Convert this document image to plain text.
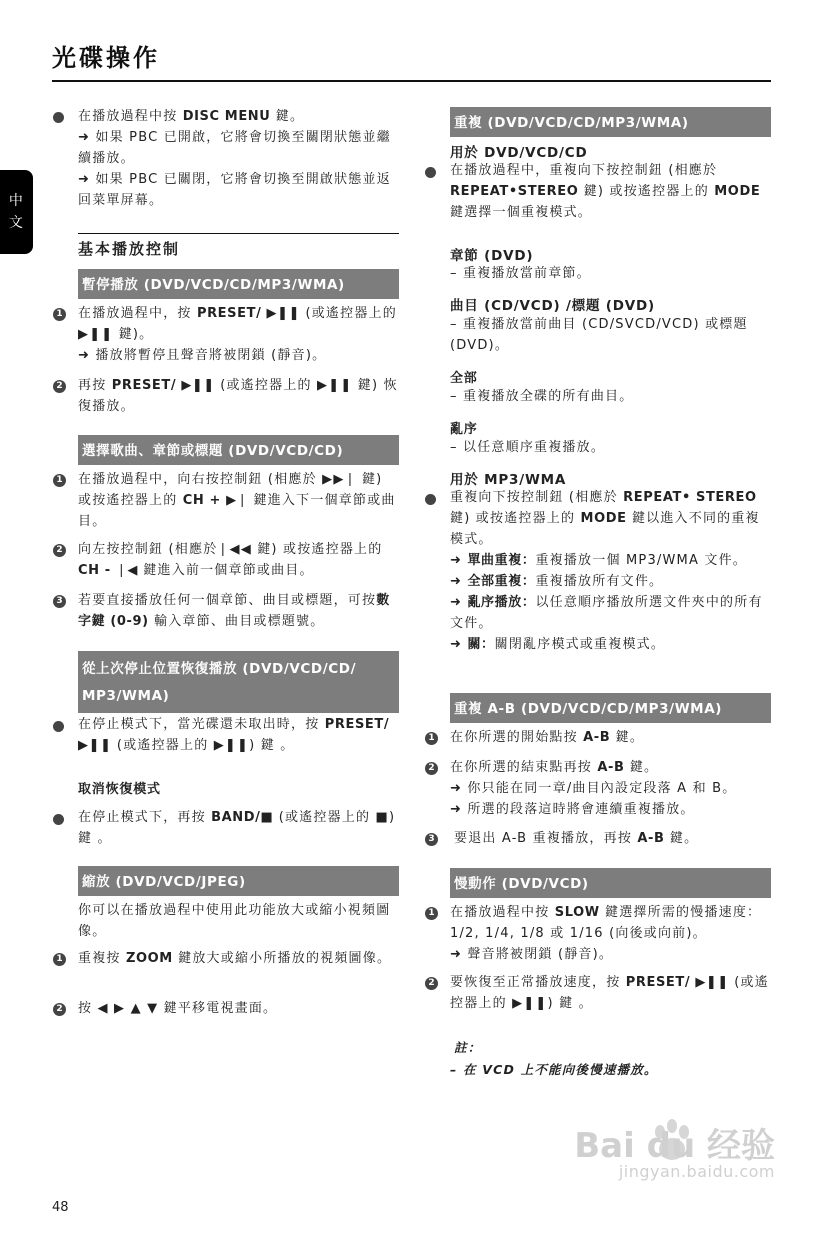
光碟操作
中
文
在播放過程中按 DISC MENU 鍵。
➜ 如果 PBC 已開啟，它將會切換至關閉狀態並繼續播放。
➜ 如果 PBC 已關閉，它將會切換至開啟狀態並返回菜單屏幕。
基本播放控制
暫停播放 (DVD/VCD/CD/MP3/WMA)
1 在播放過程中，按 PRESET/ ▶❚❚ (或遙控器上的 ▶❚❚ 鍵)。
➜ 播放將暫停且聲音將被閉鎖 (靜音)。
2 再按 PRESET/ ▶❚❚ (或遙控器上的 ▶❚❚ 鍵) 恢復播放。
選擇歌曲、章節或標題 (DVD/VCD/CD)
1 在播放過程中，向右按控制鈕 (相應於 ▶▶❘ 鍵) 或按遙控器上的 CH + ▶❘ 鍵進入下一個章節或曲目。
2 向左按控制鈕 (相應於❘◀◀ 鍵) 或按遙控器上的 CH - ❘◀ 鍵進入前一個章節或曲目。
3 若要直接播放任何一個章節、曲目或標題，可按數字鍵 (0-9) 輸入章節、曲目或標題號。
從上次停止位置恢復播放 (DVD/VCD/CD/
MP3/WMA)
在停止模式下，當光碟還未取出時，按 PRESET/ ▶❚❚ (或遙控器上的 ▶❚❚) 鍵 。
取消恢復模式
在停止模式下，再按 BAND/■ (或遙控器上的 ■) 鍵 。
縮放 (DVD/VCD/JPEG)
你可以在播放過程中使用此功能放大或縮小視頻圖像。
1 重複按 ZOOM 鍵放大或縮小所播放的視頻圖像。
2 按 ◀ ▶ ▲ ▼ 鍵平移電視畫面。
重複 (DVD/VCD/CD/MP3/WMA)
用於 DVD/VCD/CD
在播放過程中，重複向下按控制鈕 (相應於 REPEAT•STEREO 鍵) 或按遙控器上的 MODE 鍵選擇一個重複模式。
章節 (DVD)
– 重複播放當前章節。
曲目 (CD/VCD) /標題 (DVD)
– 重複播放當前曲目 (CD/SVCD/VCD) 或標題 (DVD)。
全部
– 重複播放全碟的所有曲目。
亂序
– 以任意順序重複播放。
用於 MP3/WMA
重複向下按控制鈕 (相應於 REPEAT• STEREO 鍵) 或按遙控器上的 MODE 鍵以進入不同的重複模式。
➜ 單曲重複：重複播放一個 MP3/WMA 文件。
➜ 全部重複：重複播放所有文件。
➜ 亂序播放：以任意順序播放所選文件夾中的所有文件。
➜ 關：關閉亂序模式或重複模式。
重複 A-B (DVD/VCD/CD/MP3/WMA)
1 在你所選的開始點按 A-B 鍵。
2 在你所選的結束點再按 A-B 鍵。
➜ 你只能在同一章/曲目內設定段落 A 和 B。
➜ 所選的段落這時將會連續重複播放。
3 要退出 A-B 重複播放，再按 A-B 鍵。
慢動作 (DVD/VCD)
1 在播放過程中按 SLOW 鍵選擇所需的慢播速度：1/2, 1/4, 1/8 或 1/16 (向後或向前)。
➜ 聲音將被閉鎖 (靜音)。
2 要恢復至正常播放速度，按 PRESET/ ▶❚❚ (或遙控器上的 ▶❚❚) 鍵 。
註：
– 在 VCD 上不能向後慢速播放。
48
Bai du 经验
jingyan.baidu.com
